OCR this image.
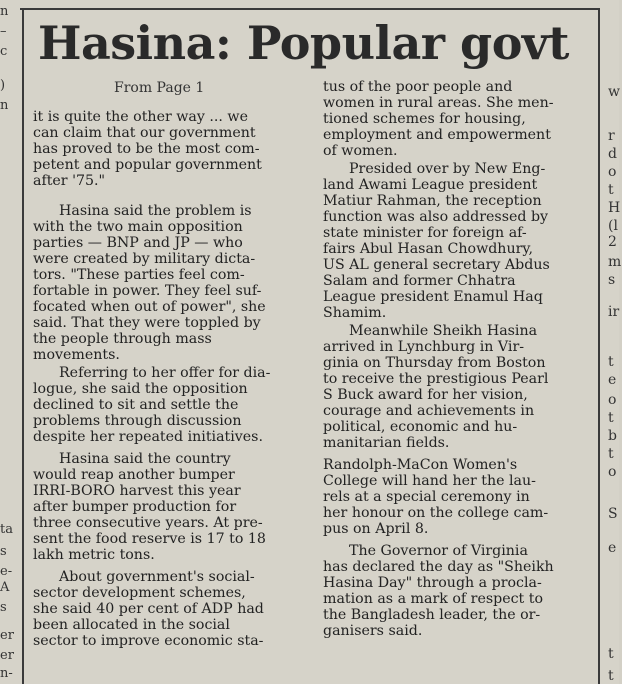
n
–
c
)
n
ta
s
e-
A
s
er
er
n-
w
r
d
o
t
H
(l
2
m
s
ir
t
e
o
t
b
t
o
S
e
t
t
Hasina: Popular govt
From Page 1
it is quite the other way ... we
can claim that our government
has proved to be the most com-
petent and popular government
after '75."
Hasina said the problem is
with the two main opposition
parties — BNP and JP — who
were created by military dicta-
tors. "These parties feel com-
fortable in power. They feel suf-
focated when out of power", she
said. That they were toppled by
the people through mass
movements.
Referring to her offer for dia-
logue, she said the opposition
declined to sit and settle the
problems through discussion
despite her repeated initiatives.
Hasina said the country
would reap another bumper
IRRI-BORO harvest this year
after bumper production for
three consecutive years. At pre-
sent the food reserve is 17 to 18
lakh metric tons.
About government's social-
sector development schemes,
she said 40 per cent of ADP had
been allocated in the social
sector to improve economic sta-
tus of the poor people and
women in rural areas. She men-
tioned schemes for housing,
employment and empowerment
of women.
Presided over by New Eng-
land Awami League president
Matiur Rahman, the reception
function was also addressed by
state minister for foreign af-
fairs Abul Hasan Chowdhury,
US AL general secretary Abdus
Salam and former Chhatra
League president Enamul Haq
Shamim.
Meanwhile Sheikh Hasina
arrived in Lynchburg in Vir-
ginia on Thursday from Boston
to receive the prestigious Pearl
S Buck award for her vision,
courage and achievements in
political, economic and hu-
manitarian fields.
Randolph-MaCon Women's
College will hand her the lau-
rels at a special ceremony in
her honour on the college cam-
pus on April 8.
The Governor of Virginia
has declared the day as "Sheikh
Hasina Day" through a procla-
mation as a mark of respect to
the Bangladesh leader, the or-
ganisers said.
